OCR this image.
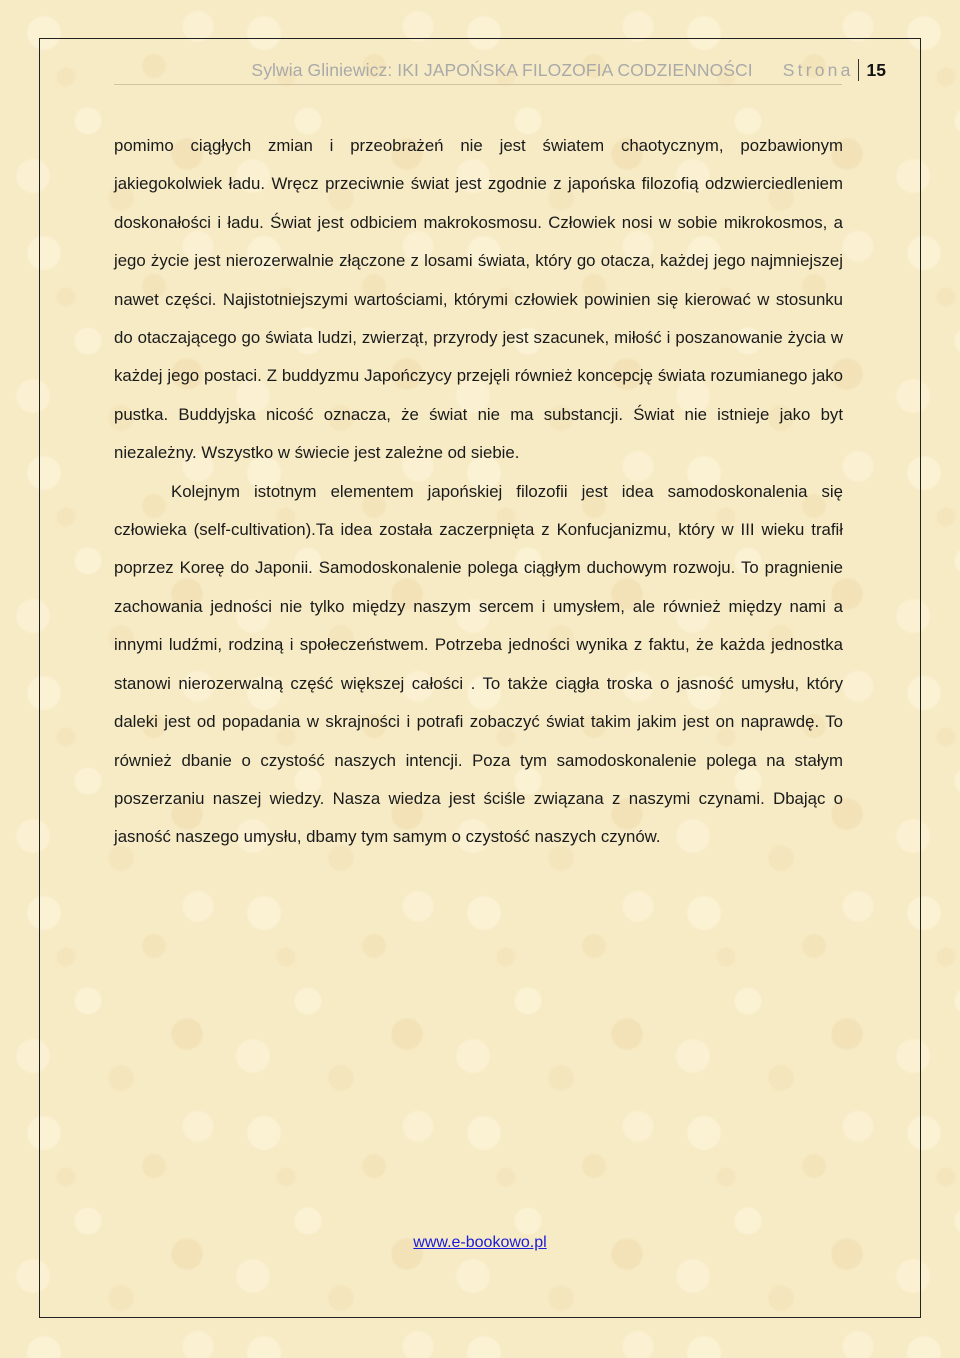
Sylwia Gliniewicz: IKI JAPOŃSKA FILOZOFIA CODZIENNOŚCI Strona 15

pomimo ciągłych zmian i przeobrażeń nie jest światem chaotycznym, pozbawionym jakiegokolwiek ładu. Wręcz przeciwnie świat jest zgodnie z japońska filozofią odzwierciedleniem doskonałości i ładu. Świat jest odbiciem makrokosmosu. Człowiek nosi w sobie mikrokosmos, a jego życie jest nierozerwalnie złączone z losami świata, który go otacza, każdej jego najmniejszej nawet części. Najistotniejszymi wartościami, którymi człowiek powinien się kierować w stosunku do otaczającego go świata ludzi, zwierząt, przyrody jest szacunek, miłość i poszanowanie życia w każdej jego postaci. Z buddyzmu Japończycy przejęli również koncepcję świata rozumianego jako pustka. Buddyjska nicość oznacza, że świat nie ma substancji. Świat nie istnieje jako byt niezależny. Wszystko w świecie jest zależne od siebie.

Kolejnym istotnym elementem japońskiej filozofii jest idea samodoskonalenia się człowieka (self-cultivation).Ta idea została zaczerpnięta z Konfucjanizmu, który w III wieku trafił poprzez Koreę do Japonii. Samodoskonalenie polega ciągłym duchowym rozwoju. To pragnienie zachowania jedności nie tylko między naszym sercem i umysłem, ale również między nami a innymi ludźmi, rodziną i społeczeństwem. Potrzeba jedności wynika z faktu, że każda jednostka stanowi nierozerwalną część większej całości . To także ciągła troska o jasność umysłu, który daleki jest od popadania w skrajności i potrafi zobaczyć świat takim jakim jest on naprawdę. To również dbanie o czystość naszych intencji. Poza tym samodoskonalenie polega na stałym poszerzaniu naszej wiedzy. Nasza wiedza jest ściśle związana z naszymi czynami. Dbając o jasność naszego umysłu, dbamy tym samym o czystość naszych czynów.

www.e-bookowo.pl
